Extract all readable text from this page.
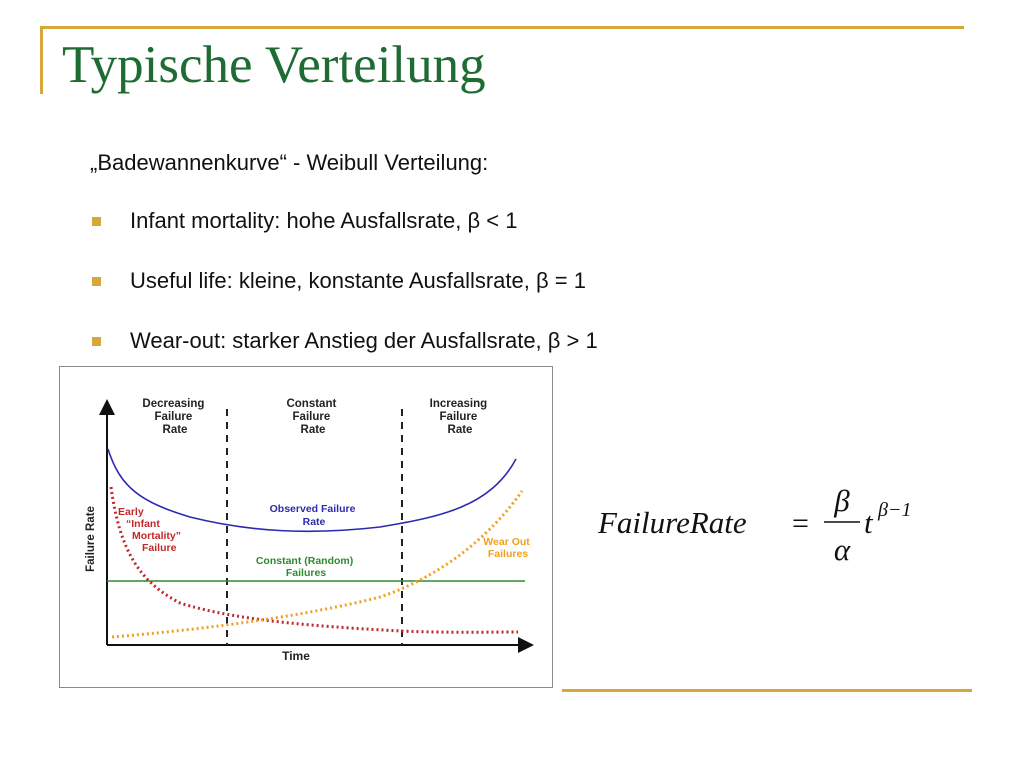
Typische Verteilung
„Badewannenkurve“ - Weibull Verteilung:
Infant mortality: hohe Ausfallsrate, β < 1
Useful life: kleine, konstante Ausfallsrate, β = 1
Wear-out: starker Anstieg der Ausfallsrate, β > 1
Decreasing Failure Rate
Constant Failure Rate
Increasing Failure Rate
Observed Failure Rate
Early “Infant Mortality” Failure
Constant (Random) Failures
Wear Out Failures
Failure Rate
Time
FailureRate =
β
α
t β−1
